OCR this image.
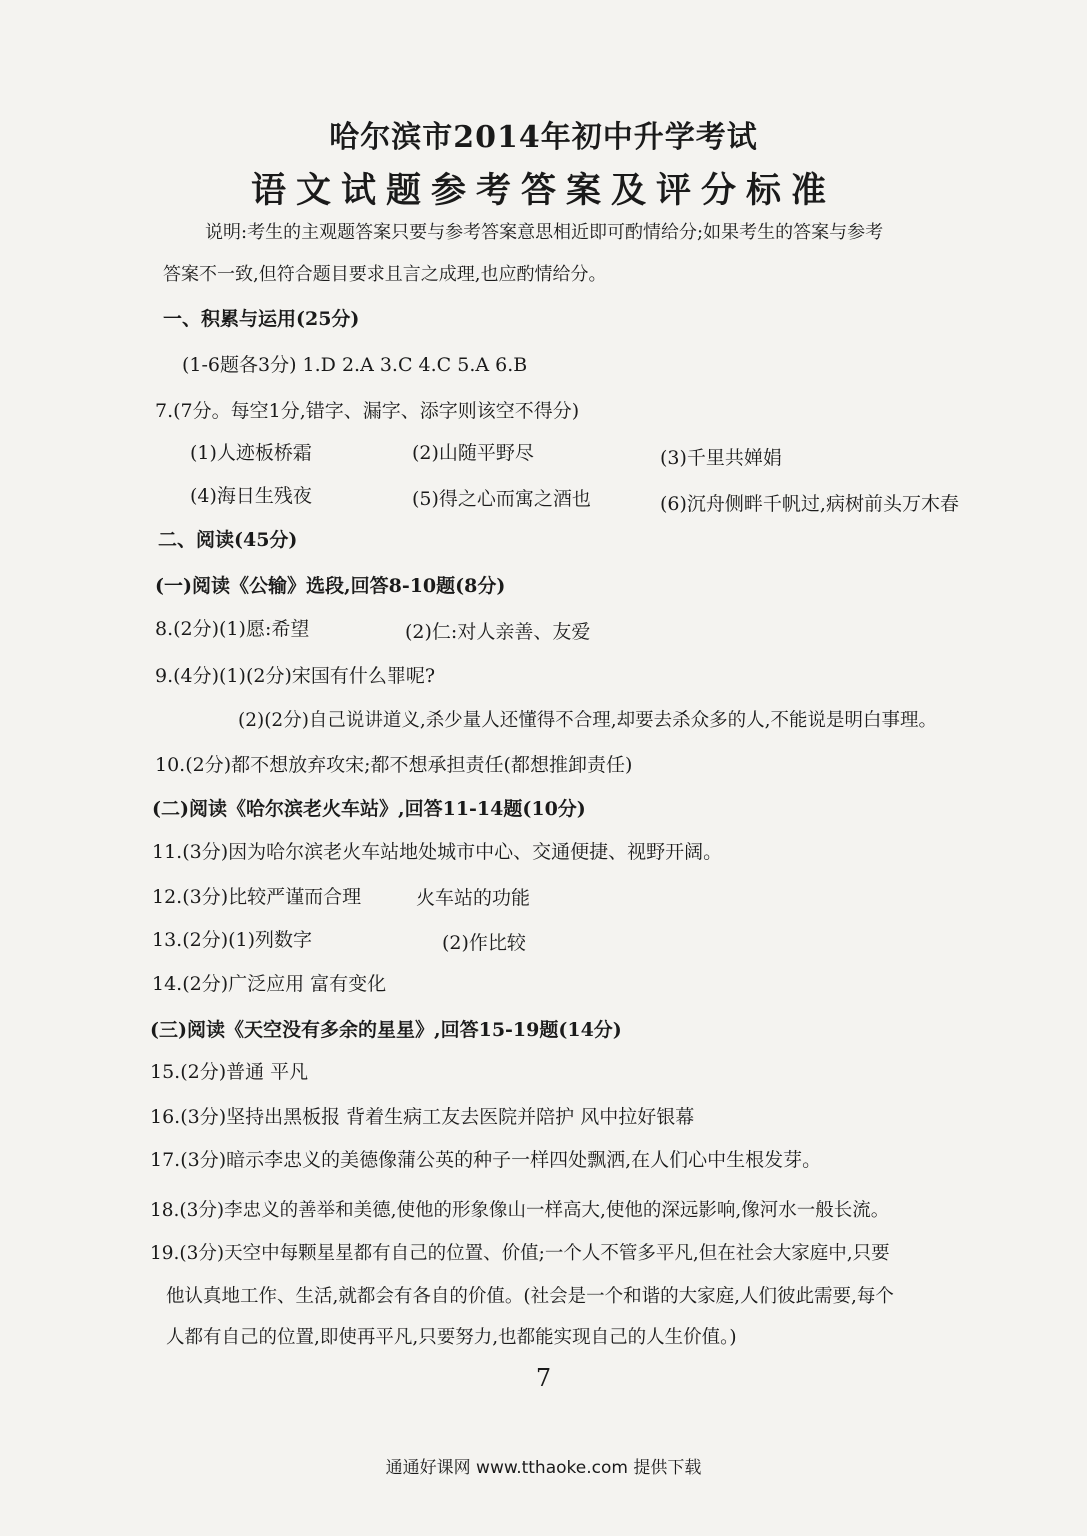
哈尔滨市2014年初中升学考试
语文试题参考答案及评分标准
说明:考生的主观题答案只要与参考答案意思相近即可酌情给分;如果考生的答案与参考
答案不一致,但符合题目要求且言之成理,也应酌情给分。
一、积累与运用(25分)
(1-6题各3分) 1.D 2.A 3.C 4.C 5.A 6.B
7.(7分。每空1分,错字、漏字、添字则该空不得分)
(1)人迹板桥霜	(2)山随平野尽	(3)千里共婵娟
(4)海日生残夜	(5)得之心而寓之酒也	(6)沉舟侧畔千帆过,病树前头万木春
二、阅读(45分)
(一)阅读《公输》选段,回答8-10题(8分)
8.(2分)(1)愿:希望	(2)仁:对人亲善、友爱
9.(4分)(1)(2分)宋国有什么罪呢?
(2)(2分)自己说讲道义,杀少量人还懂得不合理,却要去杀众多的人,不能说是明白事理。
10.(2分)都不想放弃攻宋;都不想承担责任(都想推卸责任)
(二)阅读《哈尔滨老火车站》,回答11-14题(10分)
11.(3分)因为哈尔滨老火车站地处城市中心、交通便捷、视野开阔。
12.(3分)比较严谨而合理	火车站的功能
13.(2分)(1)列数字	(2)作比较
14.(2分)广泛应用 富有变化
(三)阅读《天空没有多余的星星》,回答15-19题(14分)
15.(2分)普通 平凡
16.(3分)坚持出黑板报 背着生病工友去医院并陪护 风中拉好银幕
17.(3分)暗示李忠义的美德像蒲公英的种子一样四处飘洒,在人们心中生根发芽。
18.(3分)李忠义的善举和美德,使他的形象像山一样高大,使他的深远影响,像河水一般长流。
19.(3分)天空中每颗星星都有自己的位置、价值;一个人不管多平凡,但在社会大家庭中,只要
他认真地工作、生活,就都会有各自的价值。(社会是一个和谐的大家庭,人们彼此需要,每个
人都有自己的位置,即使再平凡,只要努力,也都能实现自己的人生价值。)
7
通通好课网 www.tthaoke.com 提供下载
